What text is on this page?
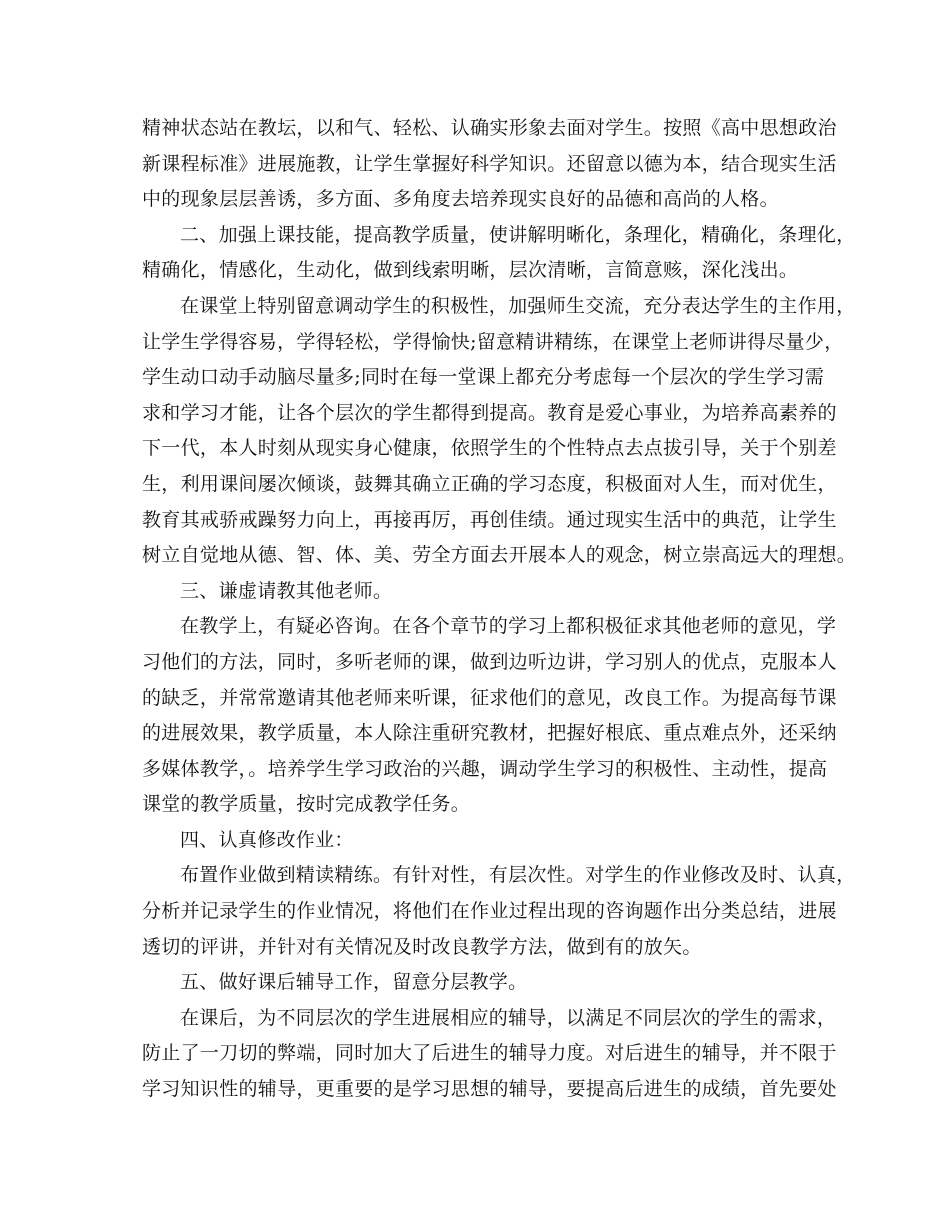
精神状态站在教坛，以和气、轻松、认确实形象去面对学生。按照《高中思想政治
新课程标准》进展施教，让学生掌握好科学知识。还留意以德为本，结合现实生活
中的现象层层善诱，多方面、多角度去培养现实良好的品德和高尚的人格。
二、加强上课技能，提高教学质量，使讲解明晰化，条理化，精确化，条理化，
精确化，情感化，生动化，做到线索明晰，层次清晰，言简意赅，深化浅出。
在课堂上特别留意调动学生的积极性，加强师生交流，充分表达学生的主作用，
让学生学得容易，学得轻松，学得愉快;留意精讲精练，在课堂上老师讲得尽量少，
学生动口动手动脑尽量多;同时在每一堂课上都充分考虑每一个层次的学生学习需
求和学习才能，让各个层次的学生都得到提高。教育是爱心事业，为培养高素养的
下一代，本人时刻从现实身心健康，依照学生的个性特点去点拔引导，关于个别差
生，利用课间屡次倾谈，鼓舞其确立正确的学习态度，积极面对人生，而对优生，
教育其戒骄戒躁努力向上，再接再厉，再创佳绩。通过现实生活中的典范，让学生
树立自觉地从德、智、体、美、劳全方面去开展本人的观念，树立崇高远大的理想。
三、谦虚请教其他老师。
在教学上，有疑必咨询。在各个章节的学习上都积极征求其他老师的意见，学
习他们的方法，同时，多听老师的课，做到边听边讲，学习别人的优点，克服本人
的缺乏，并常常邀请其他老师来听课，征求他们的意见，改良工作。为提高每节课
的进展效果，教学质量，本人除注重研究教材，把握好根底、重点难点外，还采纳
多媒体教学，。培养学生学习政治的兴趣，调动学生学习的积极性、主动性，提高
课堂的教学质量，按时完成教学任务。
四、认真修改作业：
布置作业做到精读精练。有针对性，有层次性。对学生的作业修改及时、认真，
分析并记录学生的作业情况，将他们在作业过程出现的咨询题作出分类总结，进展
透切的评讲，并针对有关情况及时改良教学方法，做到有的放矢。
五、做好课后辅导工作，留意分层教学。
在课后，为不同层次的学生进展相应的辅导，以满足不同层次的学生的需求，
防止了一刀切的弊端，同时加大了后进生的辅导力度。对后进生的辅导，并不限于
学习知识性的辅导，更重要的是学习思想的辅导，要提高后进生的成绩，首先要处
